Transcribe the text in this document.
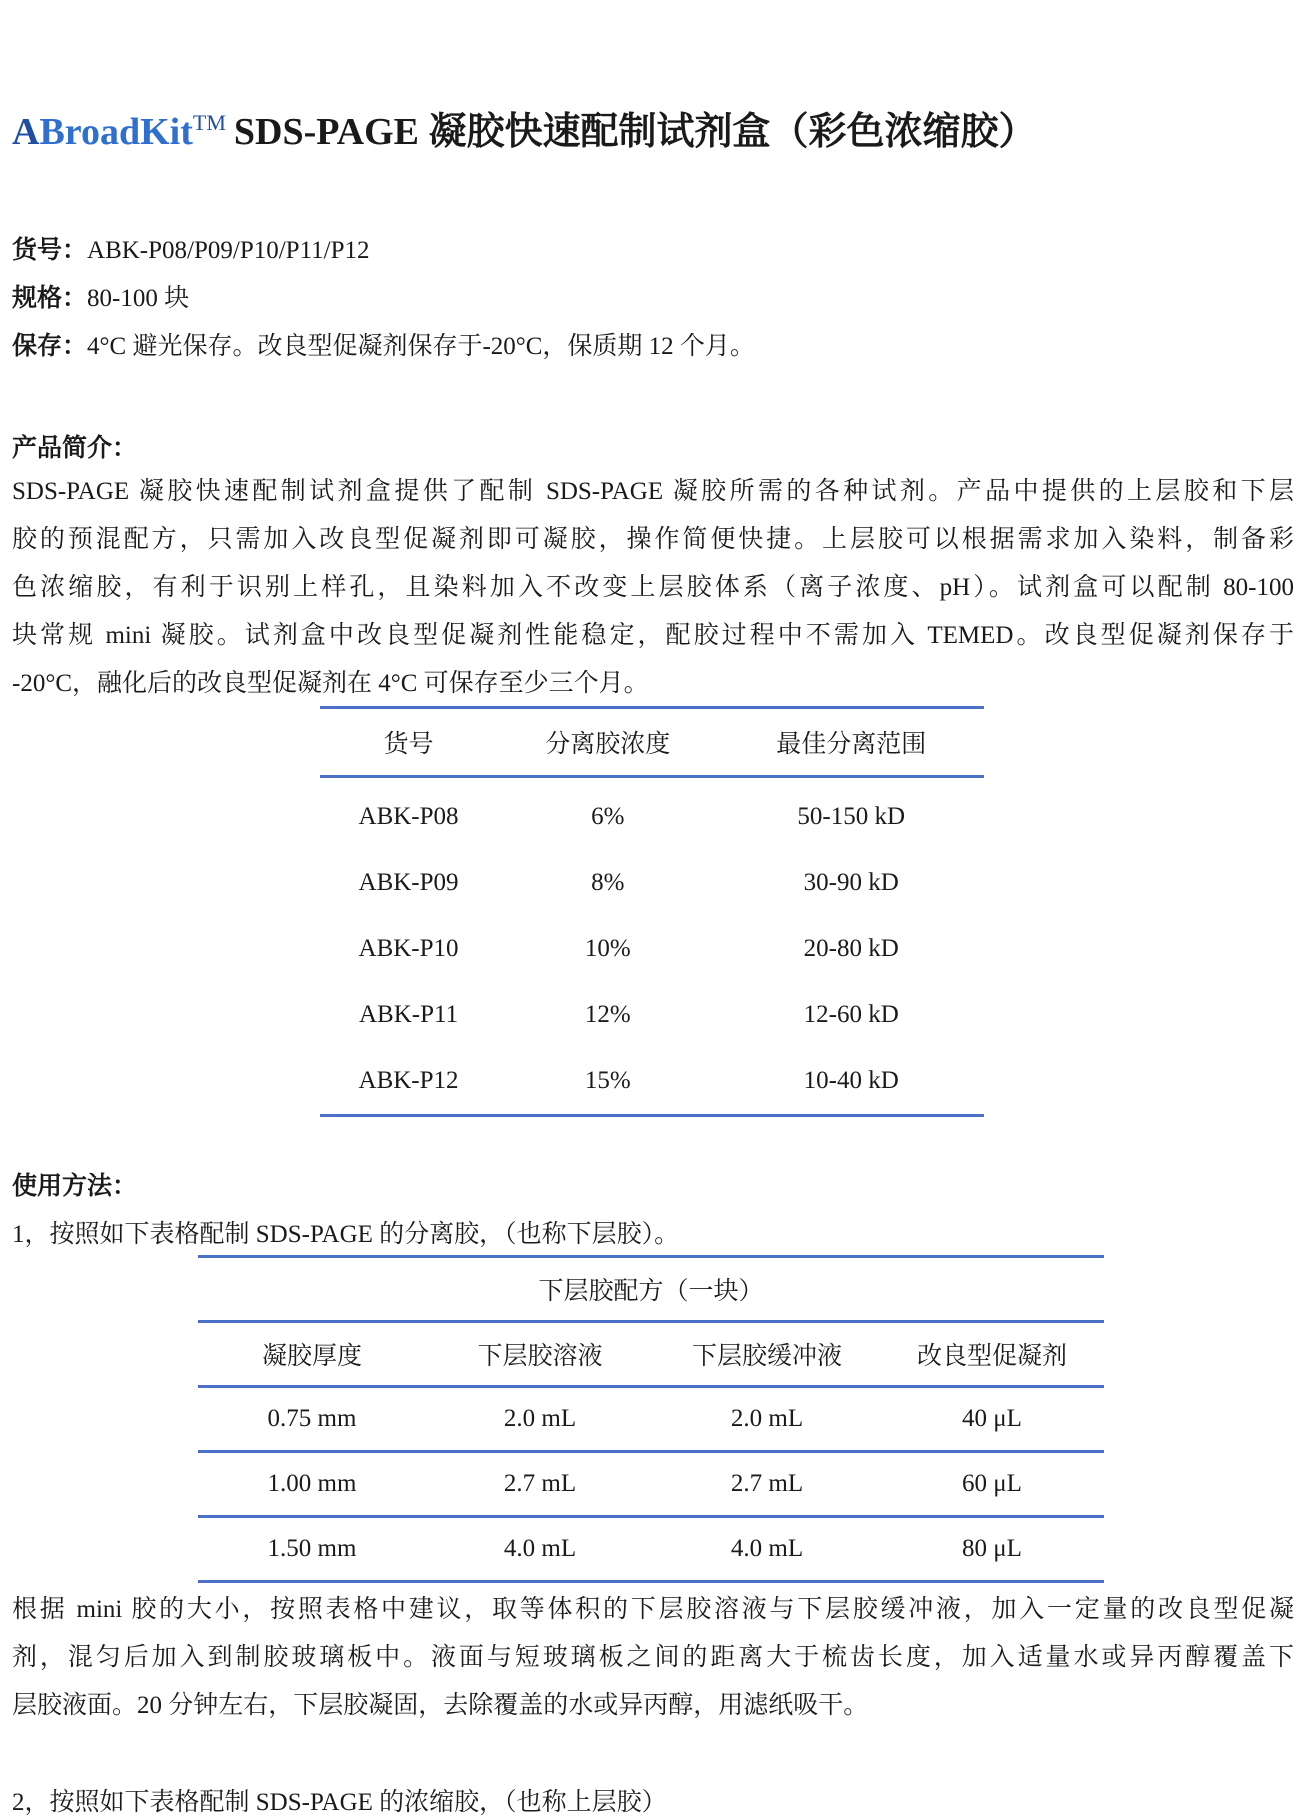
ABroadKit™ SDS-PAGE 凝胶快速配制试剂盒（彩色浓缩胶）
货号：ABK-P08/P09/P10/P11/P12
规格：80-100 块
保存：4°C 避光保存。改良型促凝剂保存于-20°C，保质期 12 个月。
产品简介：
SDS-PAGE 凝胶快速配制试剂盒提供了配制 SDS-PAGE 凝胶所需的各种试剂。产品中提供的上层胶和下层
胶的预混配方，只需加入改良型促凝剂即可凝胶，操作简便快捷。上层胶可以根据需求加入染料，制备彩
色浓缩胶，有利于识别上样孔，且染料加入不改变上层胶体系（离子浓度、pH）。试剂盒可以配制 80-100
块常规 mini 凝胶。试剂盒中改良型促凝剂性能稳定，配胶过程中不需加入 TEMED。改良型促凝剂保存于
-20°C，融化后的改良型促凝剂在 4°C 可保存至少三个月。
货号	分离胶浓度	最佳分离范围
ABK-P08	6%	50-150 kD
ABK-P09	8%	30-90 kD
ABK-P10	10%	20-80 kD
ABK-P11	12%	12-60 kD
ABK-P12	15%	10-40 kD
使用方法：
1，按照如下表格配制 SDS-PAGE 的分离胶，（也称下层胶）。
下层胶配方（一块）			
凝胶厚度	下层胶溶液	下层胶缓冲液	改良型促凝剂
0.75 mm	2.0 mL	2.0 mL	40 μL
1.00 mm	2.7 mL	2.7 mL	60 μL
1.50 mm	4.0 mL	4.0 mL	80 μL
根据 mini 胶的大小，按照表格中建议，取等体积的下层胶溶液与下层胶缓冲液，加入一定量的改良型促凝
剂，混匀后加入到制胶玻璃板中。液面与短玻璃板之间的距离大于梳齿长度，加入适量水或异丙醇覆盖下
层胶液面。20 分钟左右，下层胶凝固，去除覆盖的水或异丙醇，用滤纸吸干。
2，按照如下表格配制 SDS-PAGE 的浓缩胶，（也称上层胶）
